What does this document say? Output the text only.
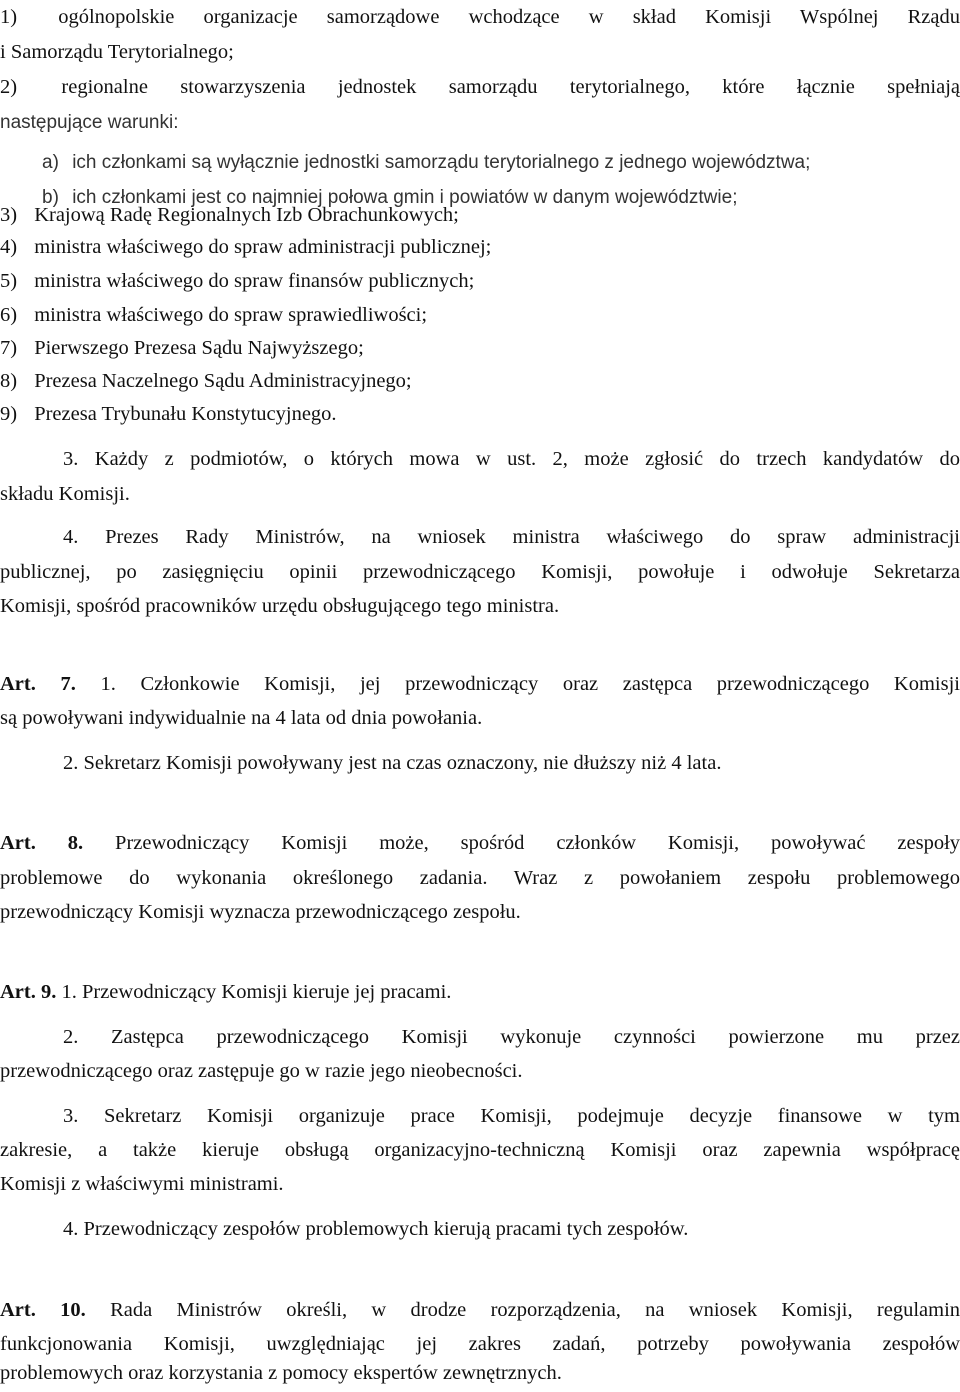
1) ogólnopolskie organizacje samorządowe wchodzące w skład Komisji Wspólnej Rządu
i Samorządu Terytorialnego;
2) regionalne stowarzyszenia jednostek samorządu terytorialnego, które łącznie spełniają
następujące warunki:
a) ich członkami są wyłącznie jednostki samorządu terytorialnego z jednego województwa;
b) ich członkami jest co najmniej połowa gmin i powiatów w danym województwie;
3) Krajową Radę Regionalnych Izb Obrachunkowych;
4) ministra właściwego do spraw administracji publicznej;
5) ministra właściwego do spraw finansów publicznych;
6) ministra właściwego do spraw sprawiedliwości;
7) Pierwszego Prezesa Sądu Najwyższego;
8) Prezesa Naczelnego Sądu Administracyjnego;
9) Prezesa Trybunału Konstytucyjnego.
3. Każdy z podmiotów, o których mowa w ust. 2, może zgłosić do trzech kandydatów do
składu Komisji.
4. Prezes Rady Ministrów, na wniosek ministra właściwego do spraw administracji
publicznej, po zasięgnięciu opinii przewodniczącego Komisji, powołuje i odwołuje Sekretarza
Komisji, spośród pracowników urzędu obsługującego tego ministra.
Art. 7. 1. Członkowie Komisji, jej przewodniczący oraz zastępca przewodniczącego Komisji
są powoływani indywidualnie na 4 lata od dnia powołania.
2. Sekretarz Komisji powoływany jest na czas oznaczony, nie dłuższy niż 4 lata.
Art. 8. Przewodniczący Komisji może, spośród członków Komisji, powoływać zespoły
problemowe do wykonania określonego zadania. Wraz z powołaniem zespołu problemowego
przewodniczący Komisji wyznacza przewodniczącego zespołu.
Art. 9. 1. Przewodniczący Komisji kieruje jej pracami.
2. Zastępca przewodniczącego Komisji wykonuje czynności powierzone mu przez
przewodniczącego oraz zastępuje go w razie jego nieobecności.
3. Sekretarz Komisji organizuje prace Komisji, podejmuje decyzje finansowe w tym
zakresie, a także kieruje obsługą organizacyjno-techniczną Komisji oraz zapewnia współpracę
Komisji z właściwymi ministrami.
4. Przewodniczący zespołów problemowych kierują pracami tych zespołów.
Art. 10. Rada Ministrów określi, w drodze rozporządzenia, na wniosek Komisji, regulamin
funkcjonowania Komisji, uwzględniając jej zakres zadań, potrzeby powoływania zespołów
problemowych oraz korzystania z pomocy ekspertów zewnętrznych.
